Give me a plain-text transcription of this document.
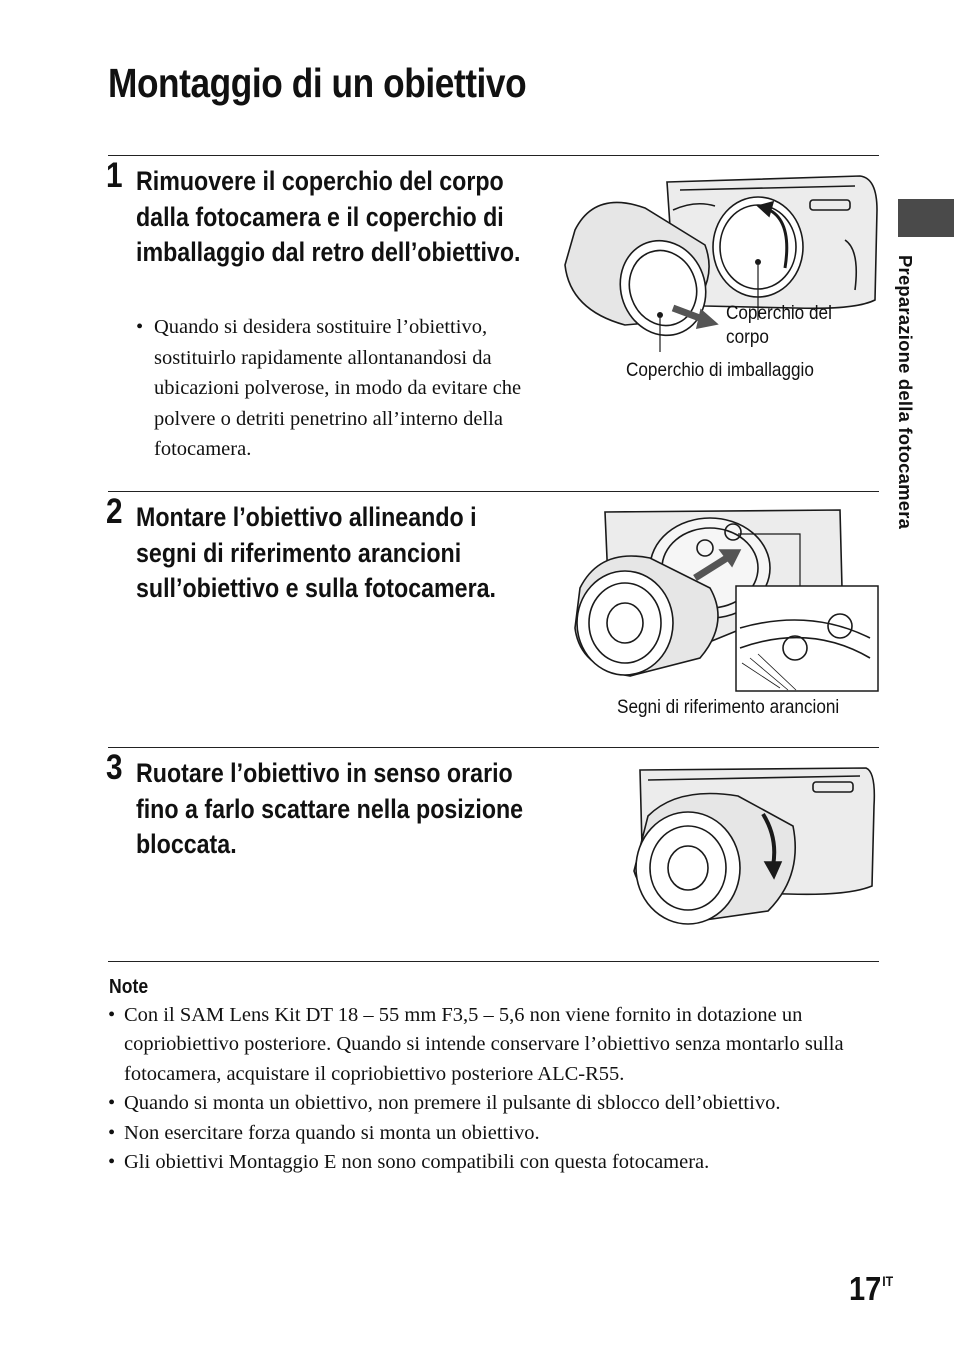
Montaggio di un obiettivo
Preparazione della fotocamera
1 Rimuovere il coperchio del corpo dalla fotocamera e il coperchio di imballaggio dal retro dell’obiettivo.
• Quando si desidera sostituire l’obiettivo, sostituirlo rapidamente allontanandosi da ubicazioni polverose, in modo da evitare che polvere o detriti penetrino all’interno della fotocamera.
Coperchio del corpo
Coperchio di imballaggio
2 Montare l’obiettivo allineando i segni di riferimento arancioni sull’obiettivo e sulla fotocamera.
Segni di riferimento arancioni
3 Ruotare l’obiettivo in senso orario fino a farlo scattare nella posizione bloccata.
Note
• Con il SAM Lens Kit DT 18 – 55 mm F3,5 – 5,6 non viene fornito in dotazione un copriobiettivo posteriore. Quando si intende conservare l’obiettivo senza montarlo sulla fotocamera, acquistare il copriobiettivo posteriore ALC-R55.
• Quando si monta un obiettivo, non premere il pulsante di sblocco dell’obiettivo.
• Non esercitare forza quando si monta un obiettivo.
• Gli obiettivi Montaggio E non sono compatibili con questa fotocamera.
$17^{IT}$
